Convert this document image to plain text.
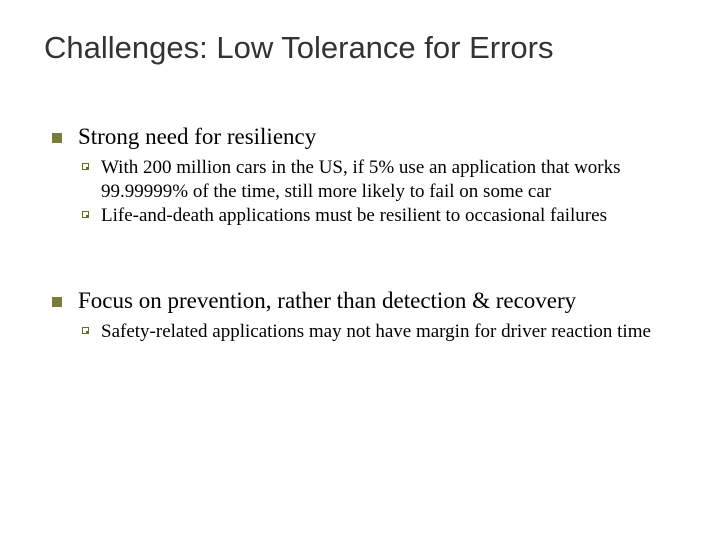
Challenges: Low Tolerance for Errors
Strong need for resiliency
With 200 million cars in the US, if 5% use an application that works 99.99999% of the time, still more likely to fail on some car
Life-and-death applications must be resilient to occasional failures
Focus on prevention, rather than detection & recovery
Safety-related applications may not have margin for driver reaction time
